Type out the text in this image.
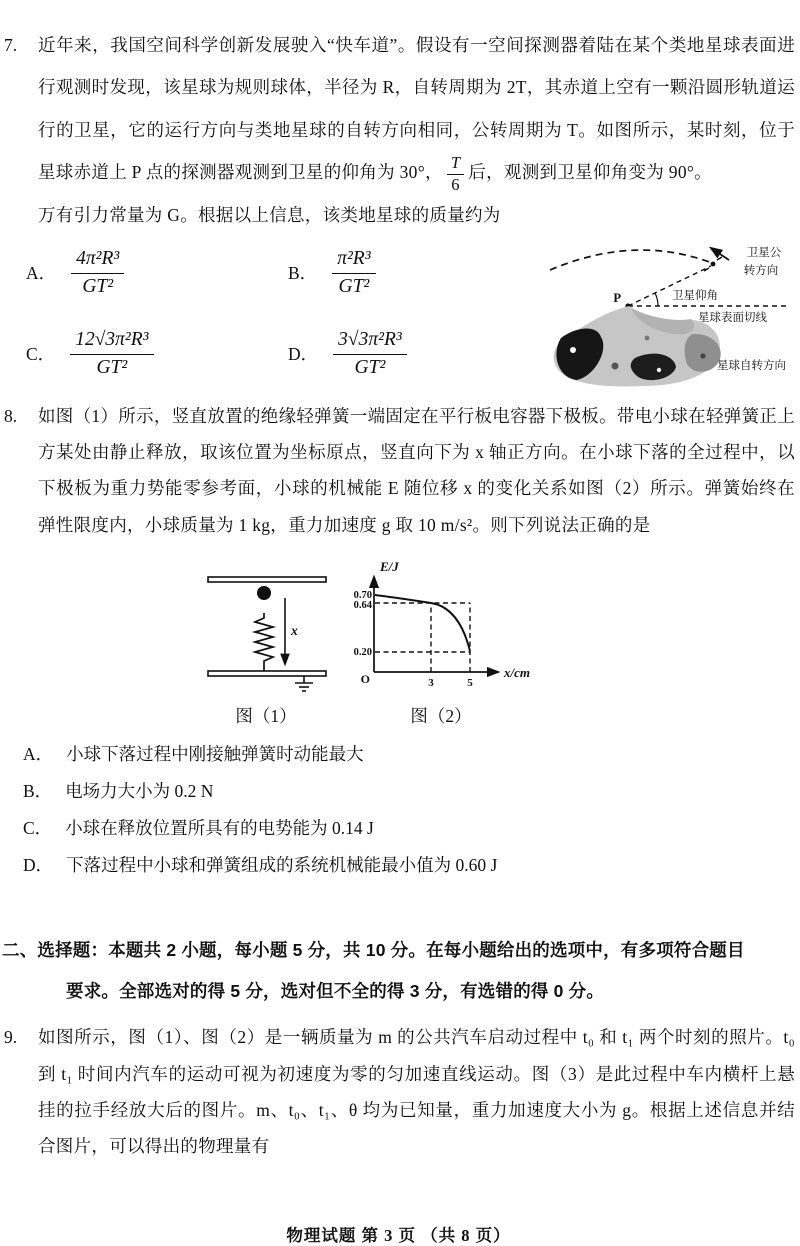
7. 近年来，我国空间科学创新发展驶入“快车道”。假设有一空间探测器着陆在某个类地星球表面进行观测时发现，该星球为规则球体，半径为 R，自转周期为 2T，其赤道上空有一颗沿圆形轨道运行的卫星，它的运行方向与类地星球的自转方向相同，公转周期为 T。如图所示，某时刻，位于星球赤道上 P 点的探测器观测到卫星的仰角为 30°， $\frac{T}{6}$ 后，观测到卫星仰角变为 90°。

万有引力常量为 G。根据以上信息，该类地星球的质量约为

A． $\frac{\text{4π²R³}}{\text{GT²}}$	B． $\frac{\text{π²R³}}{\text{GT²}}$
C． $\frac{\text{12√3π²R³}}{\text{GT²}}$	D． $\frac{\text{3√3π²R³}}{\text{GT²}}$
卫星公
转方向
P	卫星仰角
星球表面切线
星球自转方向
8. 如图（1）所示，竖直放置的绝缘轻弹簧一端固定在平行板电容器下极板。带电小球在轻弹簧正上方某处由静止释放，取该位置为坐标原点，竖直向下为 x 轴正方向。在小球下落的全过程中，以下极板为重力势能零参考面，小球的机械能 E 随位移 x 的变化关系如图（2）所示。弹簧始终在弹性限度内，小球质量为 1 kg，重力加速度 g 取 10 m/s²。则下列说法正确的是

x
图（1）
E/J
x/cm
O
0.70
0.64
0.20
3	5
图（2）

A． 小球下落过程中刚接触弹簧时动能最大

B． 电场力大小为 0.2 N

C． 小球在释放位置所具有的电势能为 0.14 J

D． 下落过程中小球和弹簧组成的系统机械能最小值为 0.60 J

二、选择题：本题共 2 小题，每小题 5 分，共 10 分。在每小题给出的选项中，有多项符合题目
要求。全部选对的得 5 分，选对但不全的得 3 分，有选错的得 0 分。
9. 如图所示，图（1）、图（2）是一辆质量为 m 的公共汽车启动过程中 t₀ 和 t₁ 两个时刻的照片。t₀ 到 t₁ 时间内汽车的运动可视为初速度为零的匀加速直线运动。图（3）是此过程中车内横杆上悬挂的拉手经放大后的图片。m、t₀、t₁、θ 均为已知量，重力加速度大小为 g。根据上述信息并结合图片，可以得出的物理量有

物理试题 第 3 页 （共 8 页）
